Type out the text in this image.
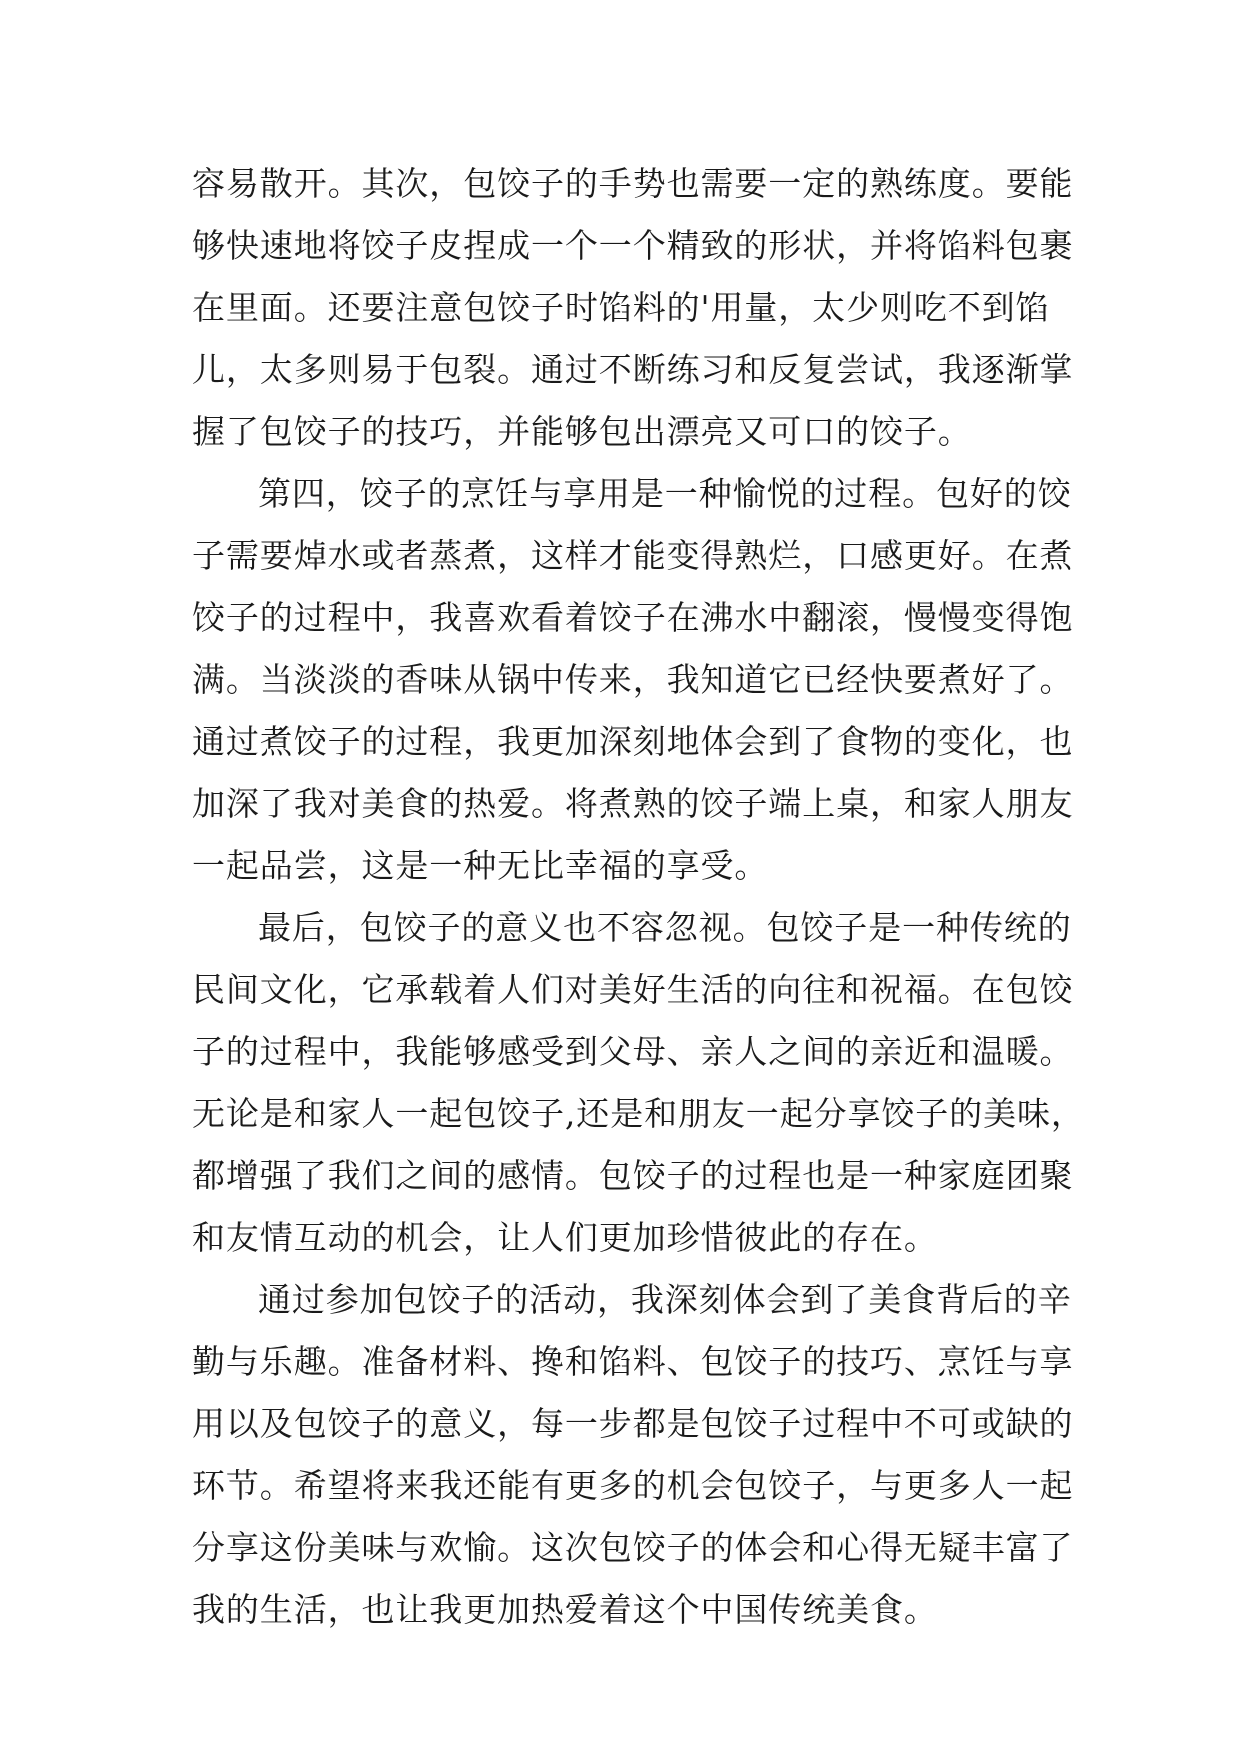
容易散开。其次，包饺子的手势也需要一定的熟练度。要能
够快速地将饺子皮捏成一个一个精致的形状，并将馅料包裹
在里面。还要注意包饺子时馅料的'用量，太少则吃不到馅
儿，太多则易于包裂。通过不断练习和反复尝试，我逐渐掌
握了包饺子的技巧，并能够包出漂亮又可口的饺子。
第四，饺子的烹饪与享用是一种愉悦的过程。包好的饺
子需要焯水或者蒸煮，这样才能变得熟烂，口感更好。在煮
饺子的过程中，我喜欢看着饺子在沸水中翻滚，慢慢变得饱
满。当淡淡的香味从锅中传来，我知道它已经快要煮好了。
通过煮饺子的过程，我更加深刻地体会到了食物的变化，也
加深了我对美食的热爱。将煮熟的饺子端上桌，和家人朋友
一起品尝，这是一种无比幸福的享受。
最后，包饺子的意义也不容忽视。包饺子是一种传统的
民间文化，它承载着人们对美好生活的向往和祝福。在包饺
子的过程中，我能够感受到父母、亲人之间的亲近和温暖。
无论是和家人一起包饺子,还是和朋友一起分享饺子的美味，
都增强了我们之间的感情。包饺子的过程也是一种家庭团聚
和友情互动的机会，让人们更加珍惜彼此的存在。
通过参加包饺子的活动，我深刻体会到了美食背后的辛
勤与乐趣。准备材料、搀和馅料、包饺子的技巧、烹饪与享
用以及包饺子的意义，每一步都是包饺子过程中不可或缺的
环节。希望将来我还能有更多的机会包饺子，与更多人一起
分享这份美味与欢愉。这次包饺子的体会和心得无疑丰富了
我的生活，也让我更加热爱着这个中国传统美食。
